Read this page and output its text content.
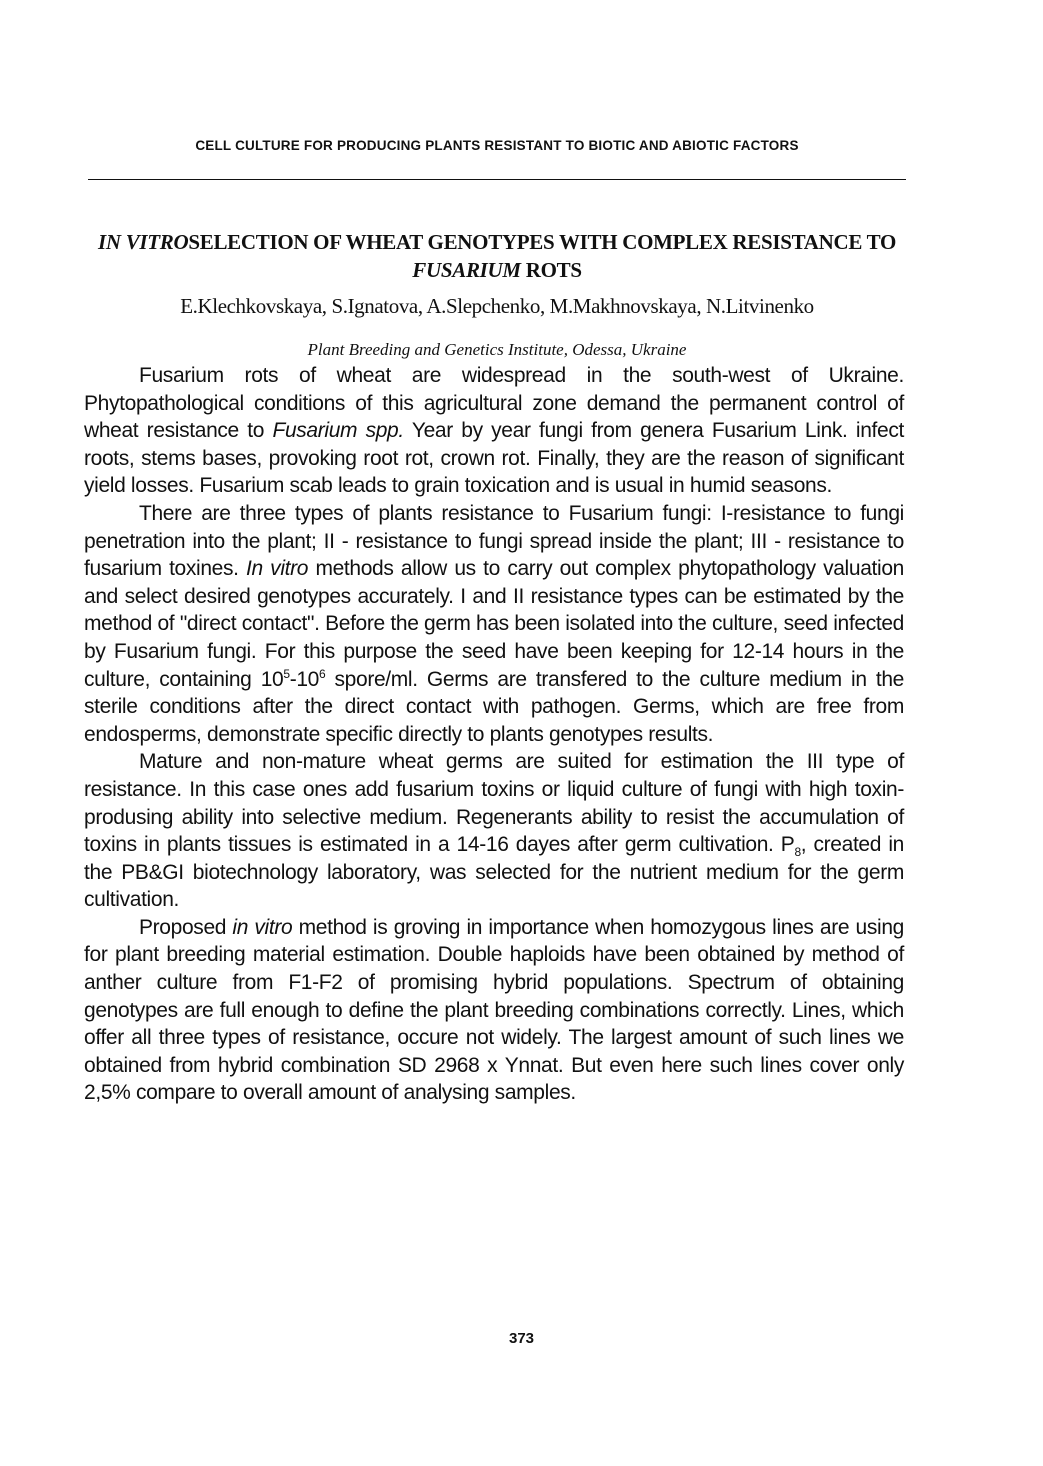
CELL CULTURE FOR PRODUCING PLANTS RESISTANT TO BIOTIC AND ABIOTIC FACTORS
IN VITROSELECTION OF WHEAT GENOTYPES WITH COMPLEX RESISTANCE TO FUSARIUM ROTS
E.Klechkovskaya, S.Ignatova, A.Slepchenko, M.Makhnovskaya, N.Litvinenko
Plant Breeding and Genetics Institute, Odessa, Ukraine

Fusarium rots of wheat are widespread in the south-west of Ukraine. Phytopathological conditions of this agricultural zone demand the permanent control of wheat resistance to Fusarium spp. Year by year fungi from genera Fusarium Link. infect roots, stems bases, provoking root rot, crown rot. Finally, they are the reason of significant yield losses. Fusarium scab leads to grain toxication and is usual in humid seasons.

There are three types of plants resistance to Fusarium fungi: I-resistance to fungi penetration into the plant; II - resistance to fungi spread inside the plant; III - resistance to fusarium toxines. In vitro methods allow us to carry out complex phytopathology valuation and select desired genotypes accurately. I and II resistance types can be estimated by the method of "direct contact". Before the germ has been isolated into the culture, seed infected by Fusarium fungi. For this purpose the seed have been keeping for 12-14 hours in the culture, containing $10^5-10^6$ spore/ml. Germs are transfered to the culture medium in the sterile conditions after the direct contact with pathogen. Germs, which are free from endosperms, demonstrate specific directly to plants genotypes results.

Mature and non-mature wheat germs are suited for estimation the III type of resistance. In this case ones add fusarium toxins or liquid culture of fungi with high toxin-produsing ability into selective medium. Regenerants ability to resist the accumulation of toxins in plants tissues is estimated in a 14-16 dayes after germ cultivation. $P_8$, created in the PB&GI biotechnology laboratory, was selected for the nutrient medium for the germ cultivation.

Proposed in vitro method is groving in importance when homozygous lines are using for plant breeding material estimation. Double haploids have been obtained by method of anther culture from F1-F2 of promising hybrid populations. Spectrum of obtaining genotypes are full enough to define the plant breeding combinations correctly. Lines, which offer all three types of resistance, occure not widely. The largest amount of such lines we obtained from hybrid combination SD 2968 x Ynnat. But even here such lines cover only 2,5% compare to overall amount of analysing samples.

373
